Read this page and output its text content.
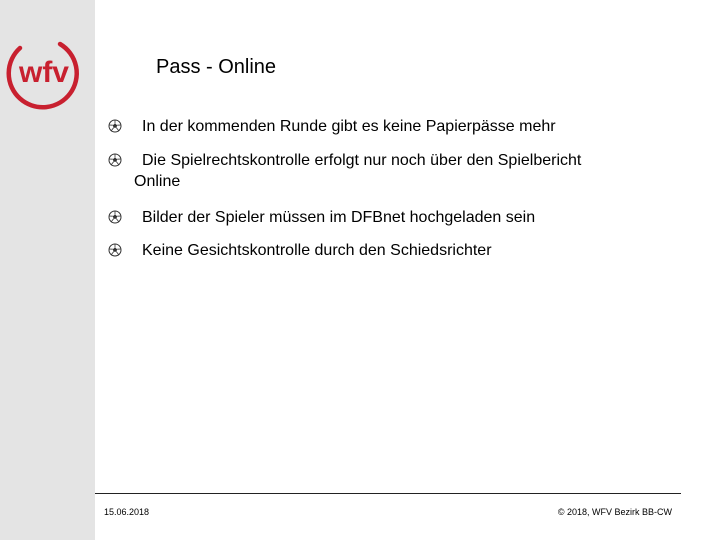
wfv	Pass - Online
In der kommenden Runde gibt es keine Papierpässe mehr
Die Spielrechtskontrolle erfolgt nur noch über den Spielbericht
Online
Bilder der Spieler müssen im DFBnet hochgeladen sein
Keine Gesichtskontrolle durch den Schiedsrichter
15.06.2018	© 2018, WFV Bezirk BB-CW
